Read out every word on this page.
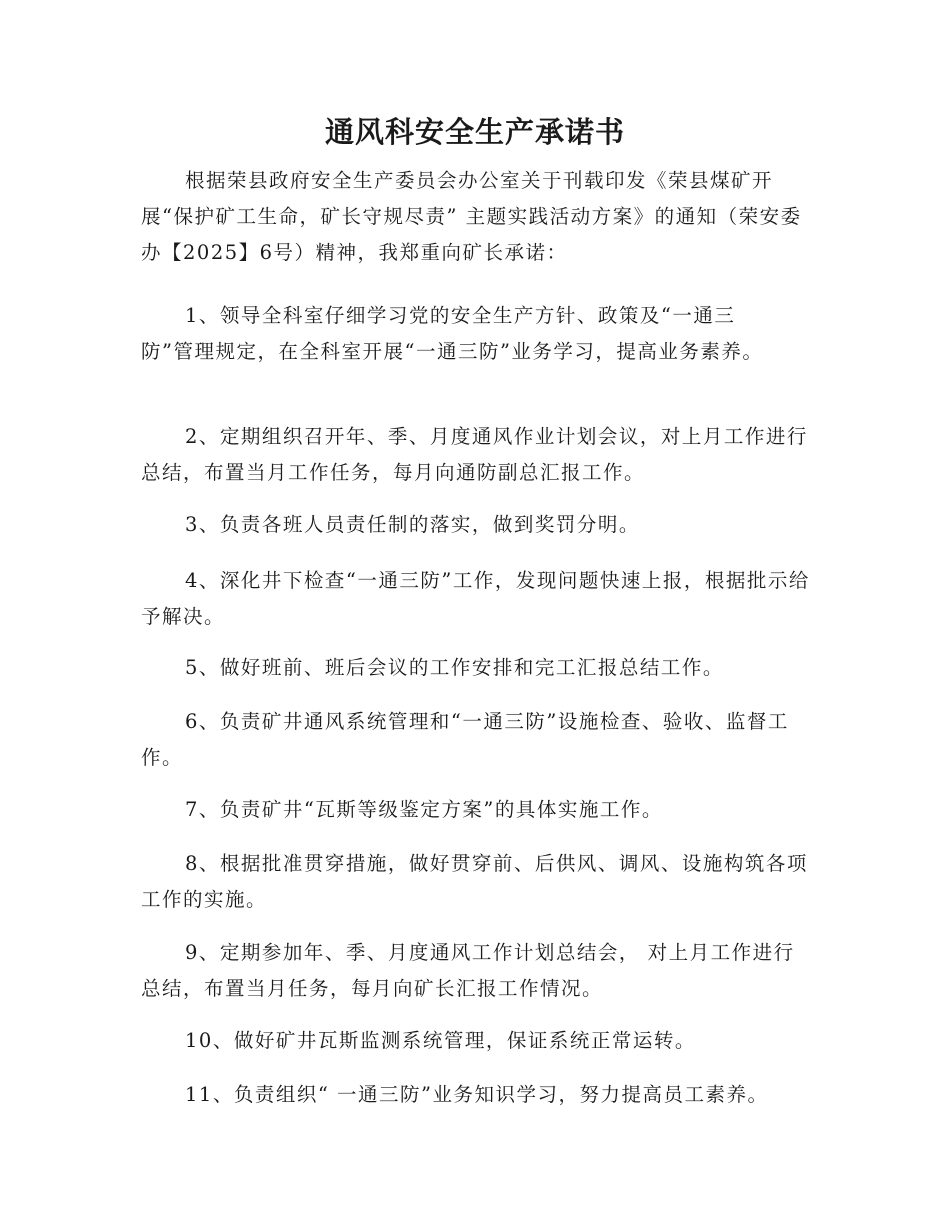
通风科安全生产承诺书

根据荣县政府安全生产委员会办公室关于刊载印发《荣县煤矿开展“保护矿工生命，矿长守规尽责” 主题实践活动方案》的通知（荣安委办【2025】6号）精神，我郑重向矿长承诺：

1、领导全科室仔细学习党的安全生产方针、政策及“一通三防”管理规定，在全科室开展“一通三防”业务学习，提高业务素养。

2、定期组织召开年、季、月度通风作业计划会议，对上月工作进行总结，布置当月工作任务，每月向通防副总汇报工作。

3、负责各班人员责任制的落实，做到奖罚分明。

4、深化井下检查“一通三防”工作，发现问题快速上报，根据批示给予解决。

5、做好班前、班后会议的工作安排和完工汇报总结工作。

6、负责矿井通风系统管理和“一通三防”设施检查、验收、监督工作。

7、负责矿井“瓦斯等级鉴定方案”的具体实施工作。

8、根据批准贯穿措施，做好贯穿前、后供风、调风、设施构筑各项工作的实施。

9、定期参加年、季、月度通风工作计划总结会， 对上月工作进行总结，布置当月任务，每月向矿长汇报工作情况。

10、做好矿井瓦斯监测系统管理，保证系统正常运转。

11、负责组织“ 一通三防”业务知识学习，努力提高员工素养。
